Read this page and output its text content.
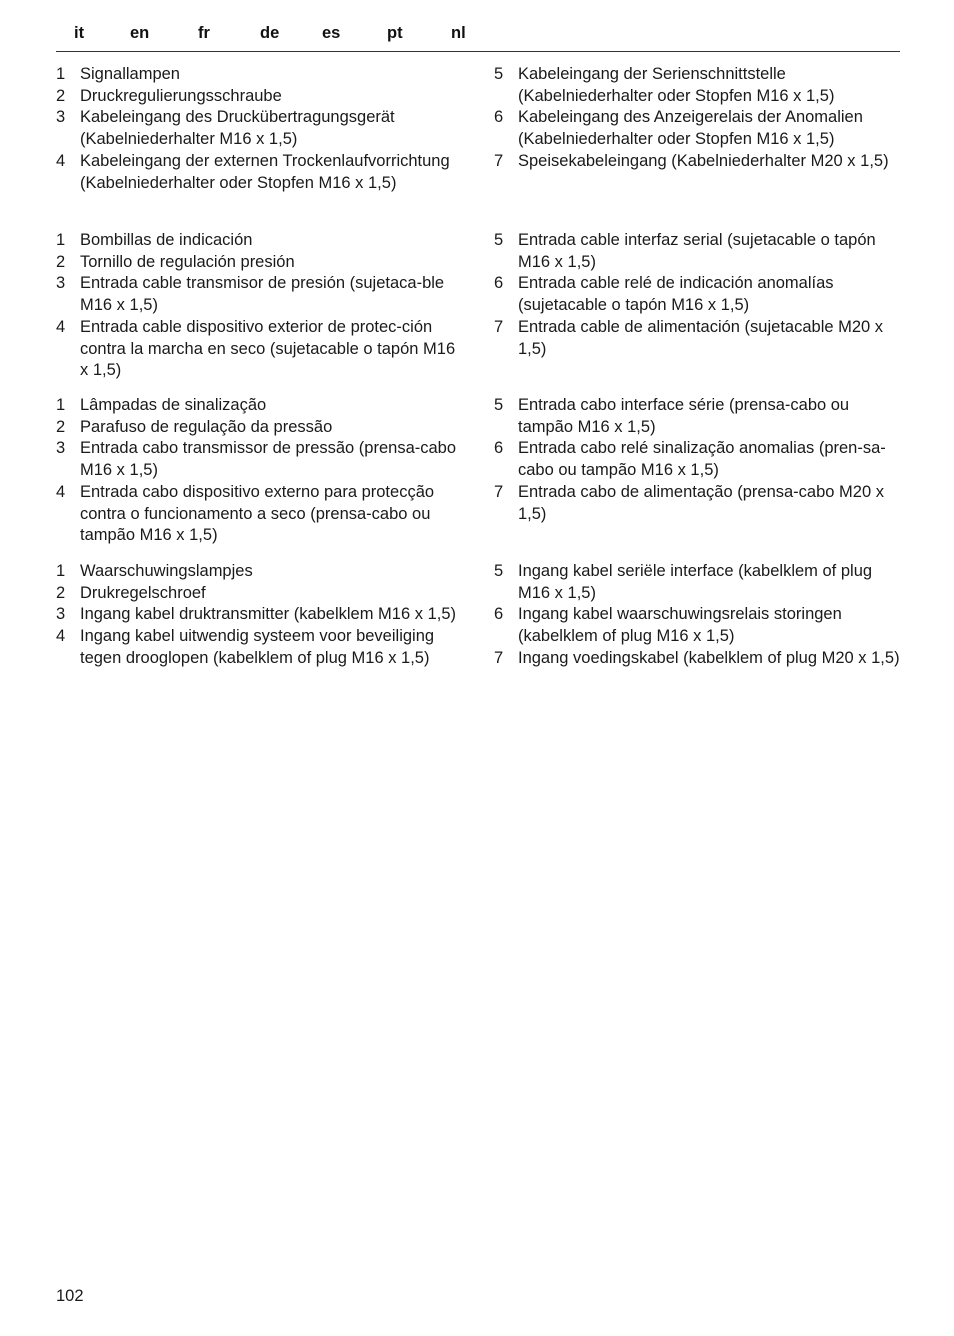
it	en	fr	de	es	pt	nl
1 Signallampen
2 Druckregulierungsschraube
3 Kabeleingang des Druckübertragungsgerät (Kabelniederhalter M16 x 1,5)
4 Kabeleingang der externen Trockenlaufvorrichtung (Kabelniederhalter oder Stopfen M16 x 1,5)
5 Kabeleingang der Serienschnittstelle (Kabelniederhalter oder Stopfen M16 x 1,5)
6 Kabeleingang des Anzeigerelais der Anomalien (Kabelniederhalter oder Stopfen M16 x 1,5)
7 Speisekabeleingang (Kabelniederhalter M20 x 1,5)
1 Bombillas de indicación
2 Tornillo de regulación presión
3 Entrada cable transmisor de presión (sujetaca-ble M16 x 1,5)
4 Entrada cable dispositivo exterior de protec-ción contra la marcha en seco (sujetacable o tapón M16 x 1,5)
5 Entrada cable interfaz serial (sujetacable o tapón M16 x 1,5)
6 Entrada cable relé de indicación anomalías (sujetacable o tapón M16 x 1,5)
7 Entrada cable de alimentación (sujetacable M20 x 1,5)
1 Lâmpadas de sinalização
2 Parafuso de regulação da pressão
3 Entrada cabo transmissor de pressão (prensa-cabo M16 x 1,5)
4 Entrada cabo dispositivo externo para protecção contra o funcionamento a seco (prensa-cabo ou tampão M16 x 1,5)
5 Entrada cabo interface série (prensa-cabo ou tampão M16 x 1,5)
6 Entrada cabo relé sinalização anomalias (pren-sa-cabo ou tampão M16 x 1,5)
7 Entrada cabo de alimentação (prensa-cabo M20 x 1,5)
1 Waarschuwingslampjes
2 Drukregelschroef
3 Ingang kabel druktransmitter (kabelklem M16 x 1,5)
4 Ingang kabel uitwendig systeem voor beveiliging tegen drooglopen (kabelklem of plug M16 x 1,5)
5 Ingang kabel seriële interface (kabelklem of plug M16 x 1,5)
6 Ingang kabel waarschuwingsrelais storingen (kabelklem of plug M16 x 1,5)
7 Ingang voedingskabel (kabelklem of plug M20 x 1,5)
102
